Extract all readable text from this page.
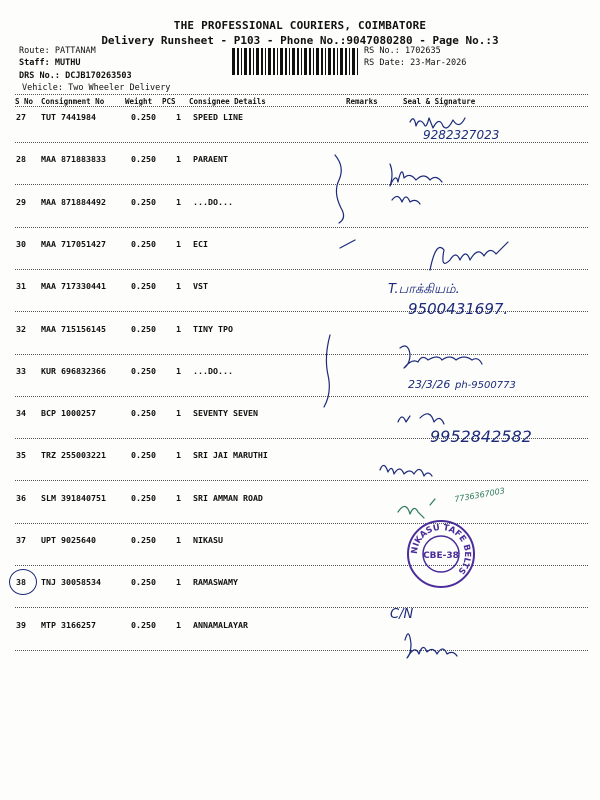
THE PROFESSIONAL COURIERS, COIMBATORE
Delivery Runsheet - P103 - Phone No.:9047080280 - Page No.:3
Route: PATTANAM
Staff: MUTHU
DRS No.: DCJB170263503
Vehicle: Two Wheeler Delivery
RS No.: 1702635
RS Date: 23-Mar-2026
S No Consignment No	Weight PCS Consignee Details	Remarks	Seal & Signature
27 TUT 7441984	0.250 1 SPEED LINE
28 MAA 871883833	0.250 1 PARAENT
29 MAA 871884492	0.250 1 ...DO...
30 MAA 717051427	0.250 1 ECI
31 MAA 717330441	0.250 1 VST
32 MAA 715156145	0.250 1 TINY TPO
33 KUR 696832366	0.250 1 ...DO...
34 BCP 1000257	0.250 1 SEVENTY SEVEN
35 TRZ 255003221	0.250 1 SRI JAI MARUTHI
36 SLM 391840751	0.250 1 SRI AMMAN ROAD
37 UPT 9025640	0.250 1 NIKASU
38 TNJ 30058534	0.250 1 RAMASWAMY
39 MTP 3166257	0.250 1 ANNAMALAYAR
9282327023
T.பாக்கியம்.
9500431697.
23/3/26 ph-9500773
9952842582
7736367003
C/N
NIKASU TAFE BELTS
CBE-38
